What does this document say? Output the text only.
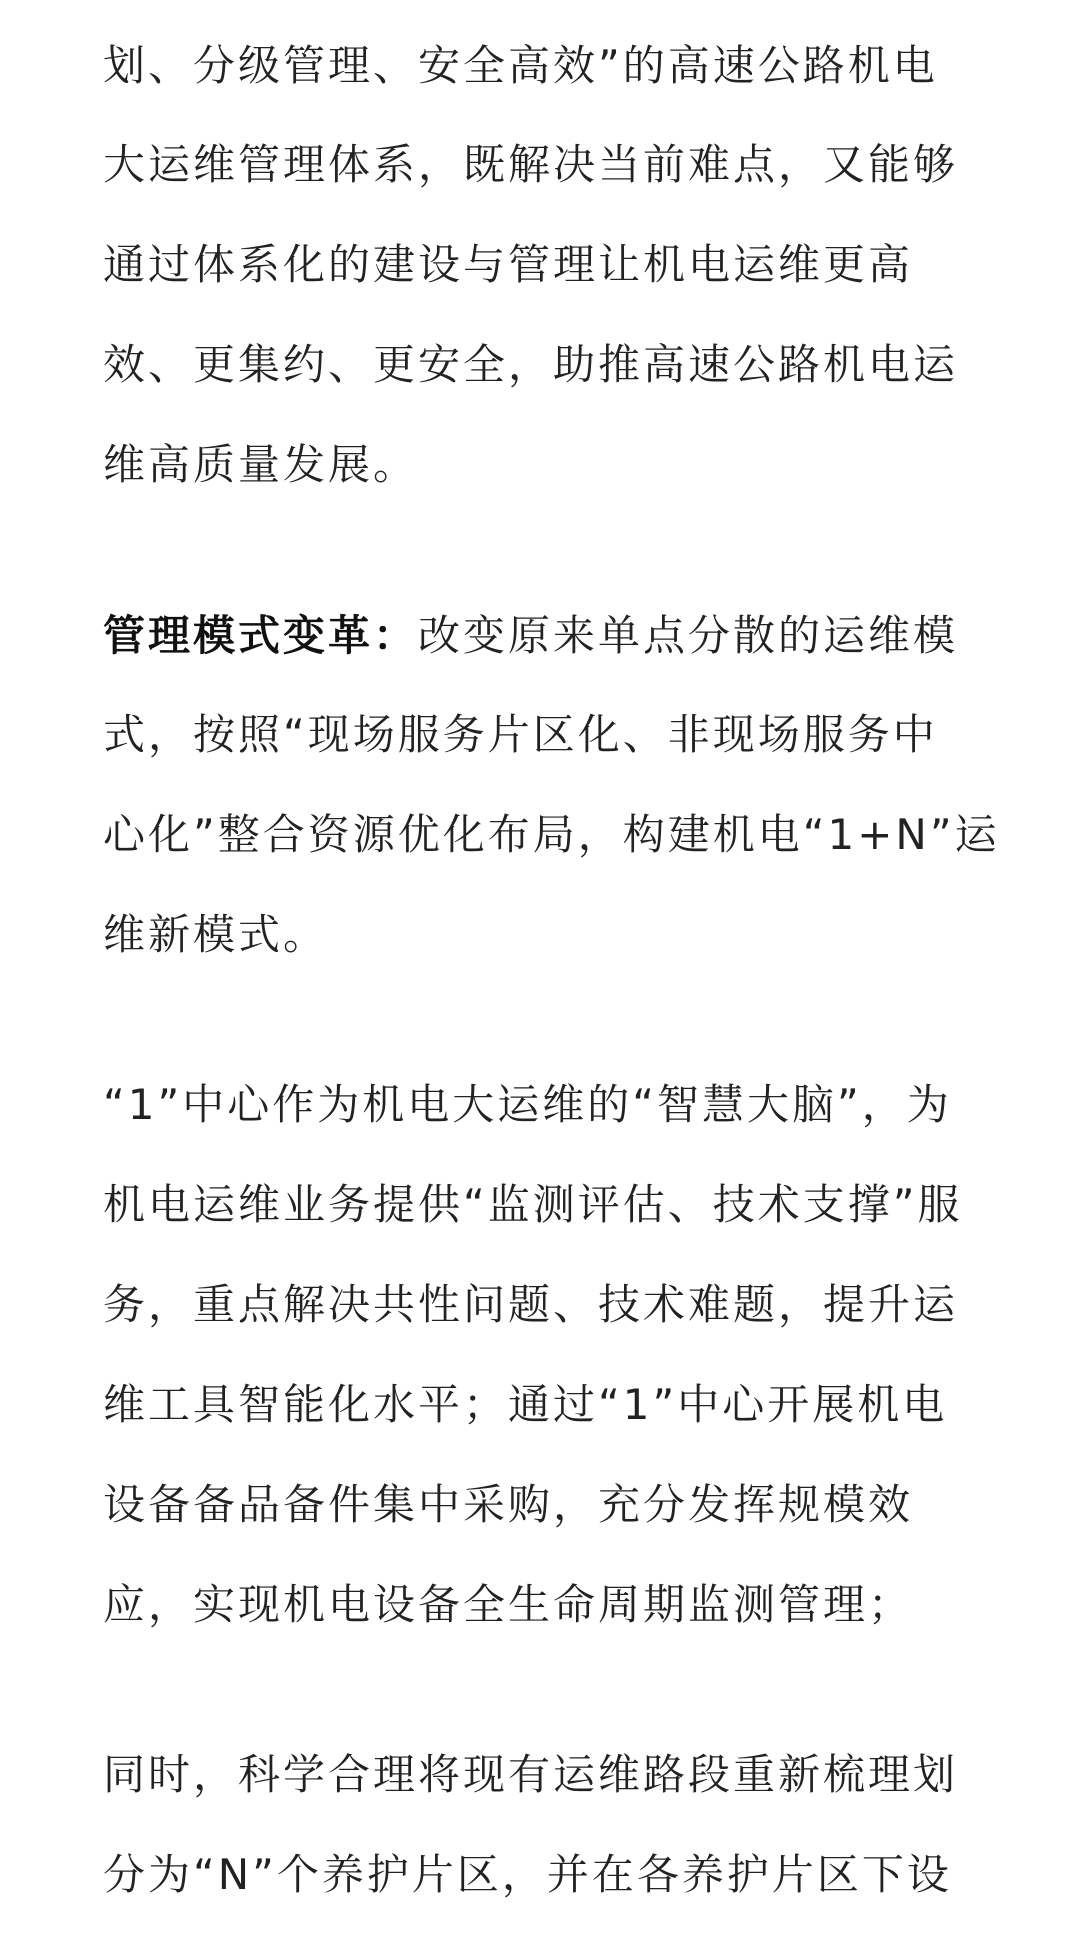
划、分级管理、安全高效”的高速公路机电
大运维管理体系，既解决当前难点，又能够
通过体系化的建设与管理让机电运维更高
效、更集约、更安全，助推高速公路机电运
维高质量发展。
管理模式变革：改变原来单点分散的运维模
式，按照“现场服务片区化、非现场服务中
心化”整合资源优化布局，构建机电“1+N”运
维新模式。
“1”中心作为机电大运维的“智慧大脑”，为
机电运维业务提供“监测评估、技术支撑”服
务，重点解决共性问题、技术难题，提升运
维工具智能化水平；通过“1”中心开展机电
设备备品备件集中采购，充分发挥规模效
应，实现机电设备全生命周期监测管理；
同时，科学合理将现有运维路段重新梳理划
分为“N”个养护片区，并在各养护片区下设
